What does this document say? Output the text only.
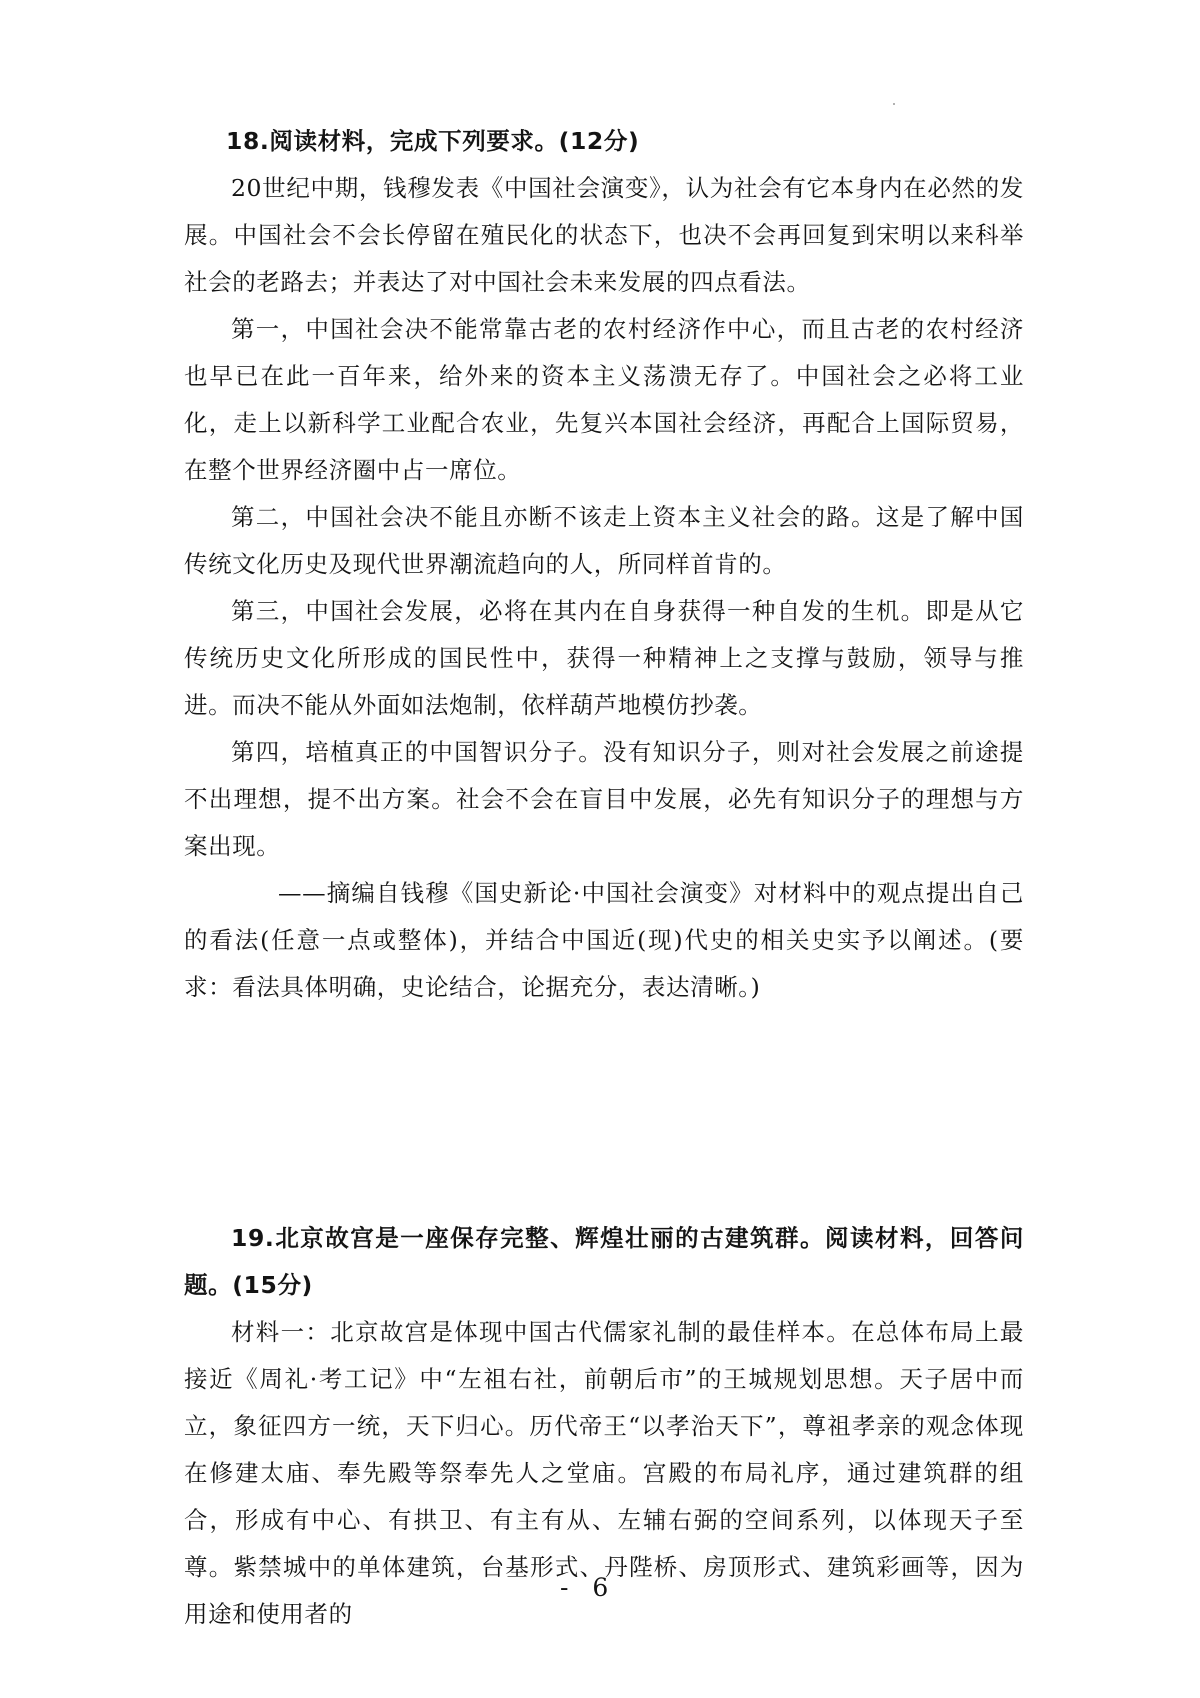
18.阅读材料，完成下列要求。(12分)

20世纪中期，钱穆发表《中国社会演变》，认为社会有它本身内在必然的发展。中国社会不会长停留在殖民化的状态下，也决不会再回复到宋明以来科举社会的老路去；并表达了对中国社会未来发展的四点看法。

第一，中国社会决不能常靠古老的农村经济作中心，而且古老的农村经济也早已在此一百年来，给外来的资本主义荡溃无存了。中国社会之必将工业化，走上以新科学工业配合农业，先复兴本国社会经济，再配合上国际贸易，在整个世界经济圈中占一席位。

第二，中国社会决不能且亦断不该走上资本主义社会的路。这是了解中国传统文化历史及现代世界潮流趋向的人，所同样首肯的。

第三，中国社会发展，必将在其内在自身获得一种自发的生机。即是从它传统历史文化所形成的国民性中，获得一种精神上之支撑与鼓励，领导与推进。而决不能从外面如法炮制，依样葫芦地模仿抄袭。

第四，培植真正的中国智识分子。没有知识分子，则对社会发展之前途提不出理想，提不出方案。社会不会在盲目中发展，必先有知识分子的理想与方案出现。

——摘编自钱穆《国史新论·中国社会演变》对材料中的观点提出自己的看法(任意一点或整体)，并结合中国近(现)代史的相关史实予以阐述。(要求：看法具体明确，史论结合，论据充分，表达清晰。)

19.北京故宫是一座保存完整、辉煌壮丽的古建筑群。阅读材料，回答问题。(15分)

材料一：北京故宫是体现中国古代儒家礼制的最佳样本。在总体布局上最接近《周礼·考工记》中“左祖右社，前朝后市”的王城规划思想。天子居中而立，象征四方一统，天下归心。历代帝王“以孝治天下”，尊祖孝亲的观念体现在修建太庙、奉先殿等祭奉先人之堂庙。宫殿的布局礼序，通过建筑群的组合，形成有中心、有拱卫、有主有从、左辅右弼的空间系列，以体现天子至尊。紫禁城中的单体建筑，台基形式、丹陛桥、房顶形式、建筑彩画等，因为用途和使用者的

- 6
